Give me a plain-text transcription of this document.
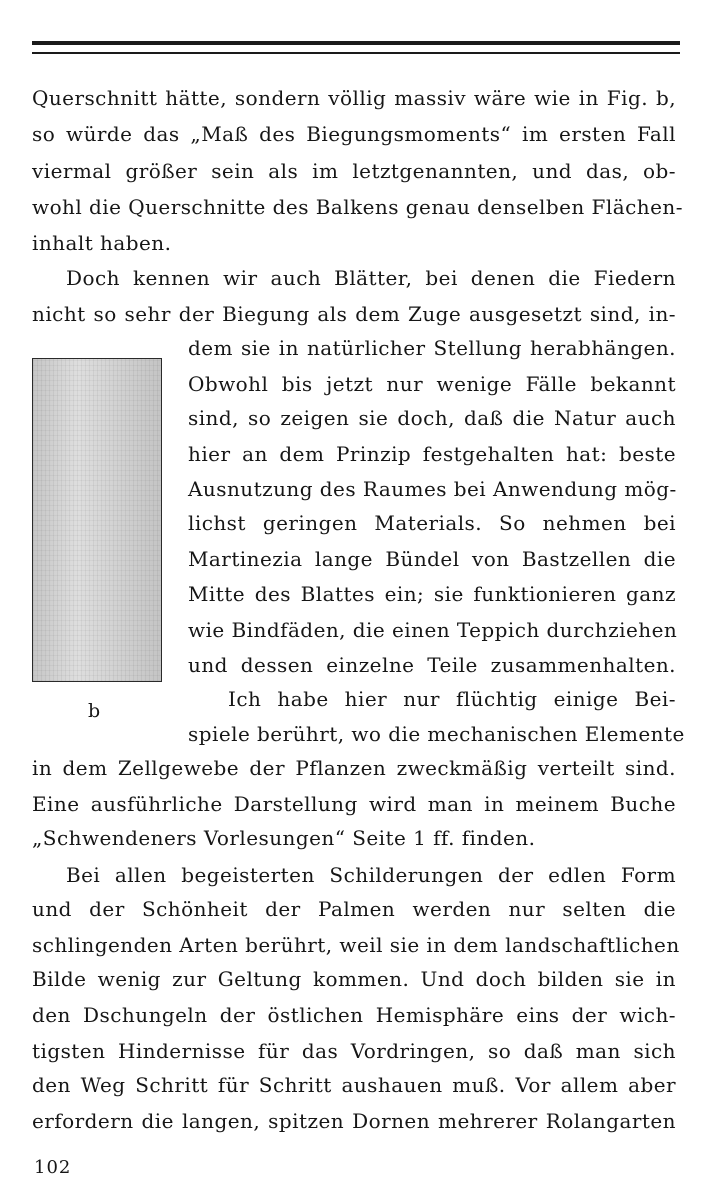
Querschnitt hätte, sondern völlig massiv wäre wie in Fig. b,
so würde das „Maß des Biegungsmoments“ im ersten Fall
viermal größer sein als im letztgenannten, und das, ob-
wohl die Querschnitte des Balkens genau denselben Flächen-
inhalt haben.
Doch kennen wir auch Blätter, bei denen die Fiedern
nicht so sehr der Biegung als dem Zuge ausgesetzt sind, in-
dem sie in natürlicher Stellung herabhängen.
Obwohl bis jetzt nur wenige Fälle bekannt
sind, so zeigen sie doch, daß die Natur auch
hier an dem Prinzip festgehalten hat: beste
Ausnutzung des Raumes bei Anwendung mög-
lichst geringen Materials. So nehmen bei
Martinezia lange Bündel von Bastzellen die
Mitte des Blattes ein; sie funktionieren ganz
wie Bindfäden, die einen Teppich durchziehen
und dessen einzelne Teile zusammenhalten.
Ich habe hier nur flüchtig einige Bei-
spiele berührt, wo die mechanischen Elemente
in dem Zellgewebe der Pflanzen zweckmäßig verteilt sind.
Eine ausführliche Darstellung wird man in meinem Buche
„Schwendeners Vorlesungen“ Seite 1 ff. finden.
Bei allen begeisterten Schilderungen der edlen Form
und der Schönheit der Palmen werden nur selten die
schlingenden Arten berührt, weil sie in dem landschaftlichen
Bilde wenig zur Geltung kommen. Und doch bilden sie in
den Dschungeln der östlichen Hemisphäre eins der wich-
tigsten Hindernisse für das Vordringen, so daß man sich
den Weg Schritt für Schritt aushauen muß. Vor allem aber
erfordern die langen, spitzen Dornen mehrerer Rolangarten
b
102
